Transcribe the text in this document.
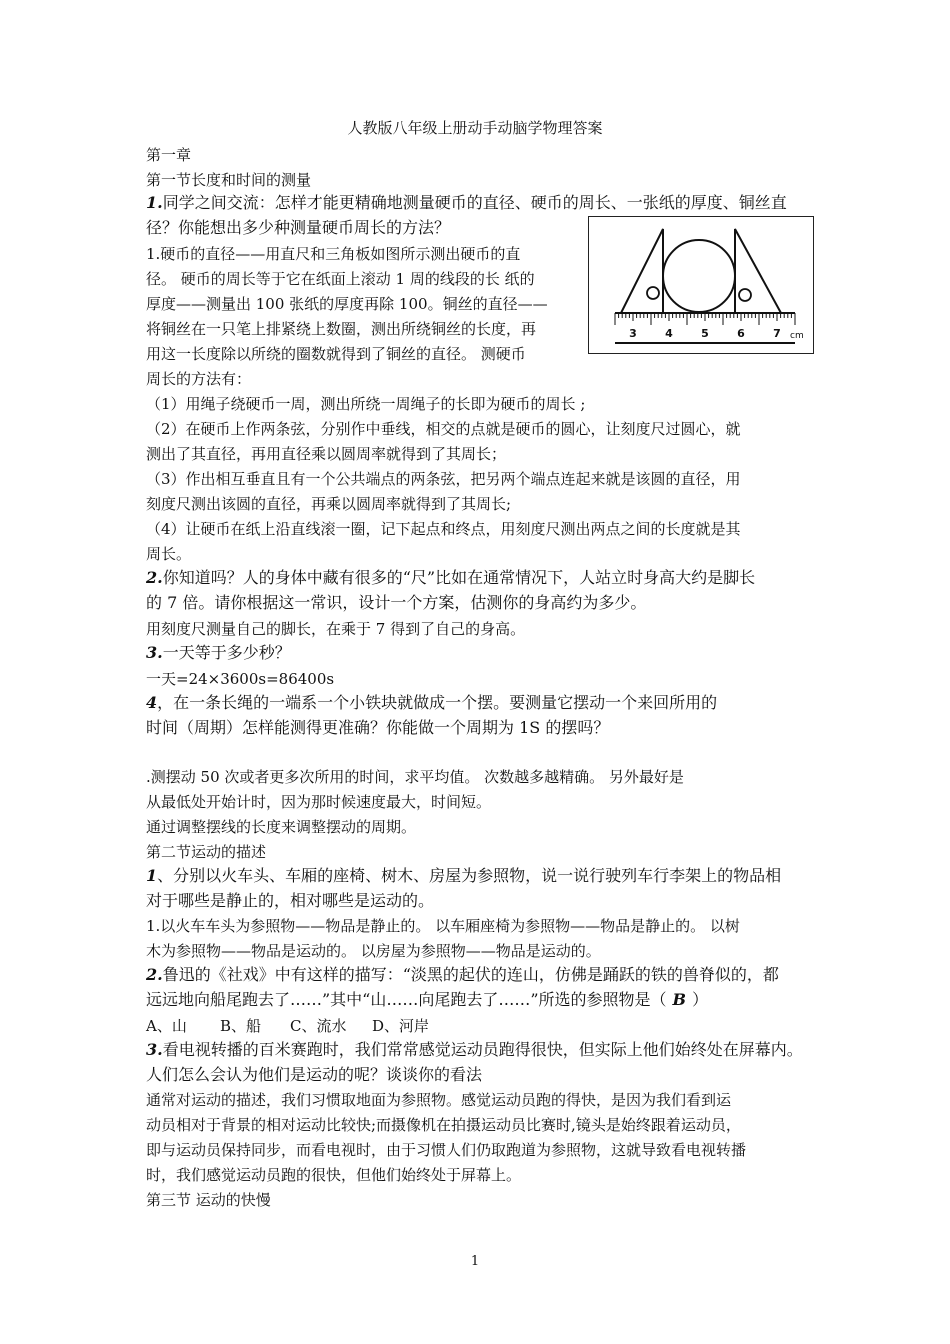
人教版八年级上册动手动脑学物理答案
第一章
第一节长度和时间的测量
1.同学之间交流：怎样才能更精确地测量硬币的直径、硬币的周长、一张纸的厚度、铜丝直
径？你能想出多少种测量硬币周长的方法？
1.硬币的直径——用直尺和三角板如图所示测出硬币的直
径。 硬币的周长等于它在纸面上滚动 1 周的线段的长 纸的
厚度——测量出 100 张纸的厚度再除 100。铜丝的直径——
将铜丝在一只笔上排紧绕上数圈，测出所绕铜丝的长度，再
用这一长度除以所绕的圈数就得到了铜丝的直径。 测硬币
周长的方法有：
3	4	5	6	7 cm
（1）用绳子绕硬币一周，测出所绕一周绳子的长即为硬币的周长 ;
（2）在硬币上作两条弦，分别作中垂线，相交的点就是硬币的圆心，让刻度尺过圆心，就
测出了其直径，再用直径乘以圆周率就得到了其周长；
（3）作出相互垂直且有一个公共端点的两条弦，把另两个端点连起来就是该圆的直径，用
刻度尺测出该圆的直径，再乘以圆周率就得到了其周长;
（4）让硬币在纸上沿直线滚一圈，记下起点和终点，用刻度尺测出两点之间的长度就是其
周长。
2.你知道吗？人的身体中藏有很多的“尺”比如在通常情况下，人站立时身高大约是脚长
的 7 倍。请你根据这一常识，设计一个方案，估测你的身高约为多少。
用刻度尺测量自己的脚长，在乘于 7 得到了自己的身高。
3.一天等于多少秒？
一天=24×3600s=86400s
4，在一条长绳的一端系一个小铁块就做成一个摆。要测量它摆动一个来回所用的
时间（周期）怎样能测得更准确？你能做一个周期为 1S 的摆吗？
.测摆动 50 次或者更多次所用的时间，求平均值。 次数越多越精确。 另外最好是
从最低处开始计时，因为那时候速度最大，时间短。
通过调整摆线的长度来调整摆动的周期。
第二节运动的描述
1、分别以火车头、车厢的座椅、树木、房屋为参照物，说一说行驶列车行李架上的物品相
对于哪些是静止的，相对哪些是运动的。
1.以火车车头为参照物——物品是静止的。 以车厢座椅为参照物——物品是静止的。 以树
木为参照物——物品是运动的。 以房屋为参照物——物品是运动的。
2.鲁迅的《社戏》中有这样的描写：“淡黑的起伏的连山，仿佛是踊跃的铁的兽脊似的，都
远远地向船尾跑去了……”其中“山……向尾跑去了……”所选的参照物是（ B ）
A、山 B、船 C、流水 D、河岸
3.看电视转播的百米赛跑时，我们常常感觉运动员跑得很快，但实际上他们始终处在屏幕内。
人们怎么会认为他们是运动的呢？谈谈你的看法
通常对运动的描述，我们习惯取地面为参照物。感觉运动员跑的得快，是因为我们看到运
动员相对于背景的相对运动比较快;而摄像机在拍摄运动员比赛时,镜头是始终跟着运动员，
即与运动员保持同步，而看电视时，由于习惯人们仍取跑道为参照物，这就导致看电视转播
时，我们感觉运动员跑的很快，但他们始终处于屏幕上。
第三节 运动的快慢
1
